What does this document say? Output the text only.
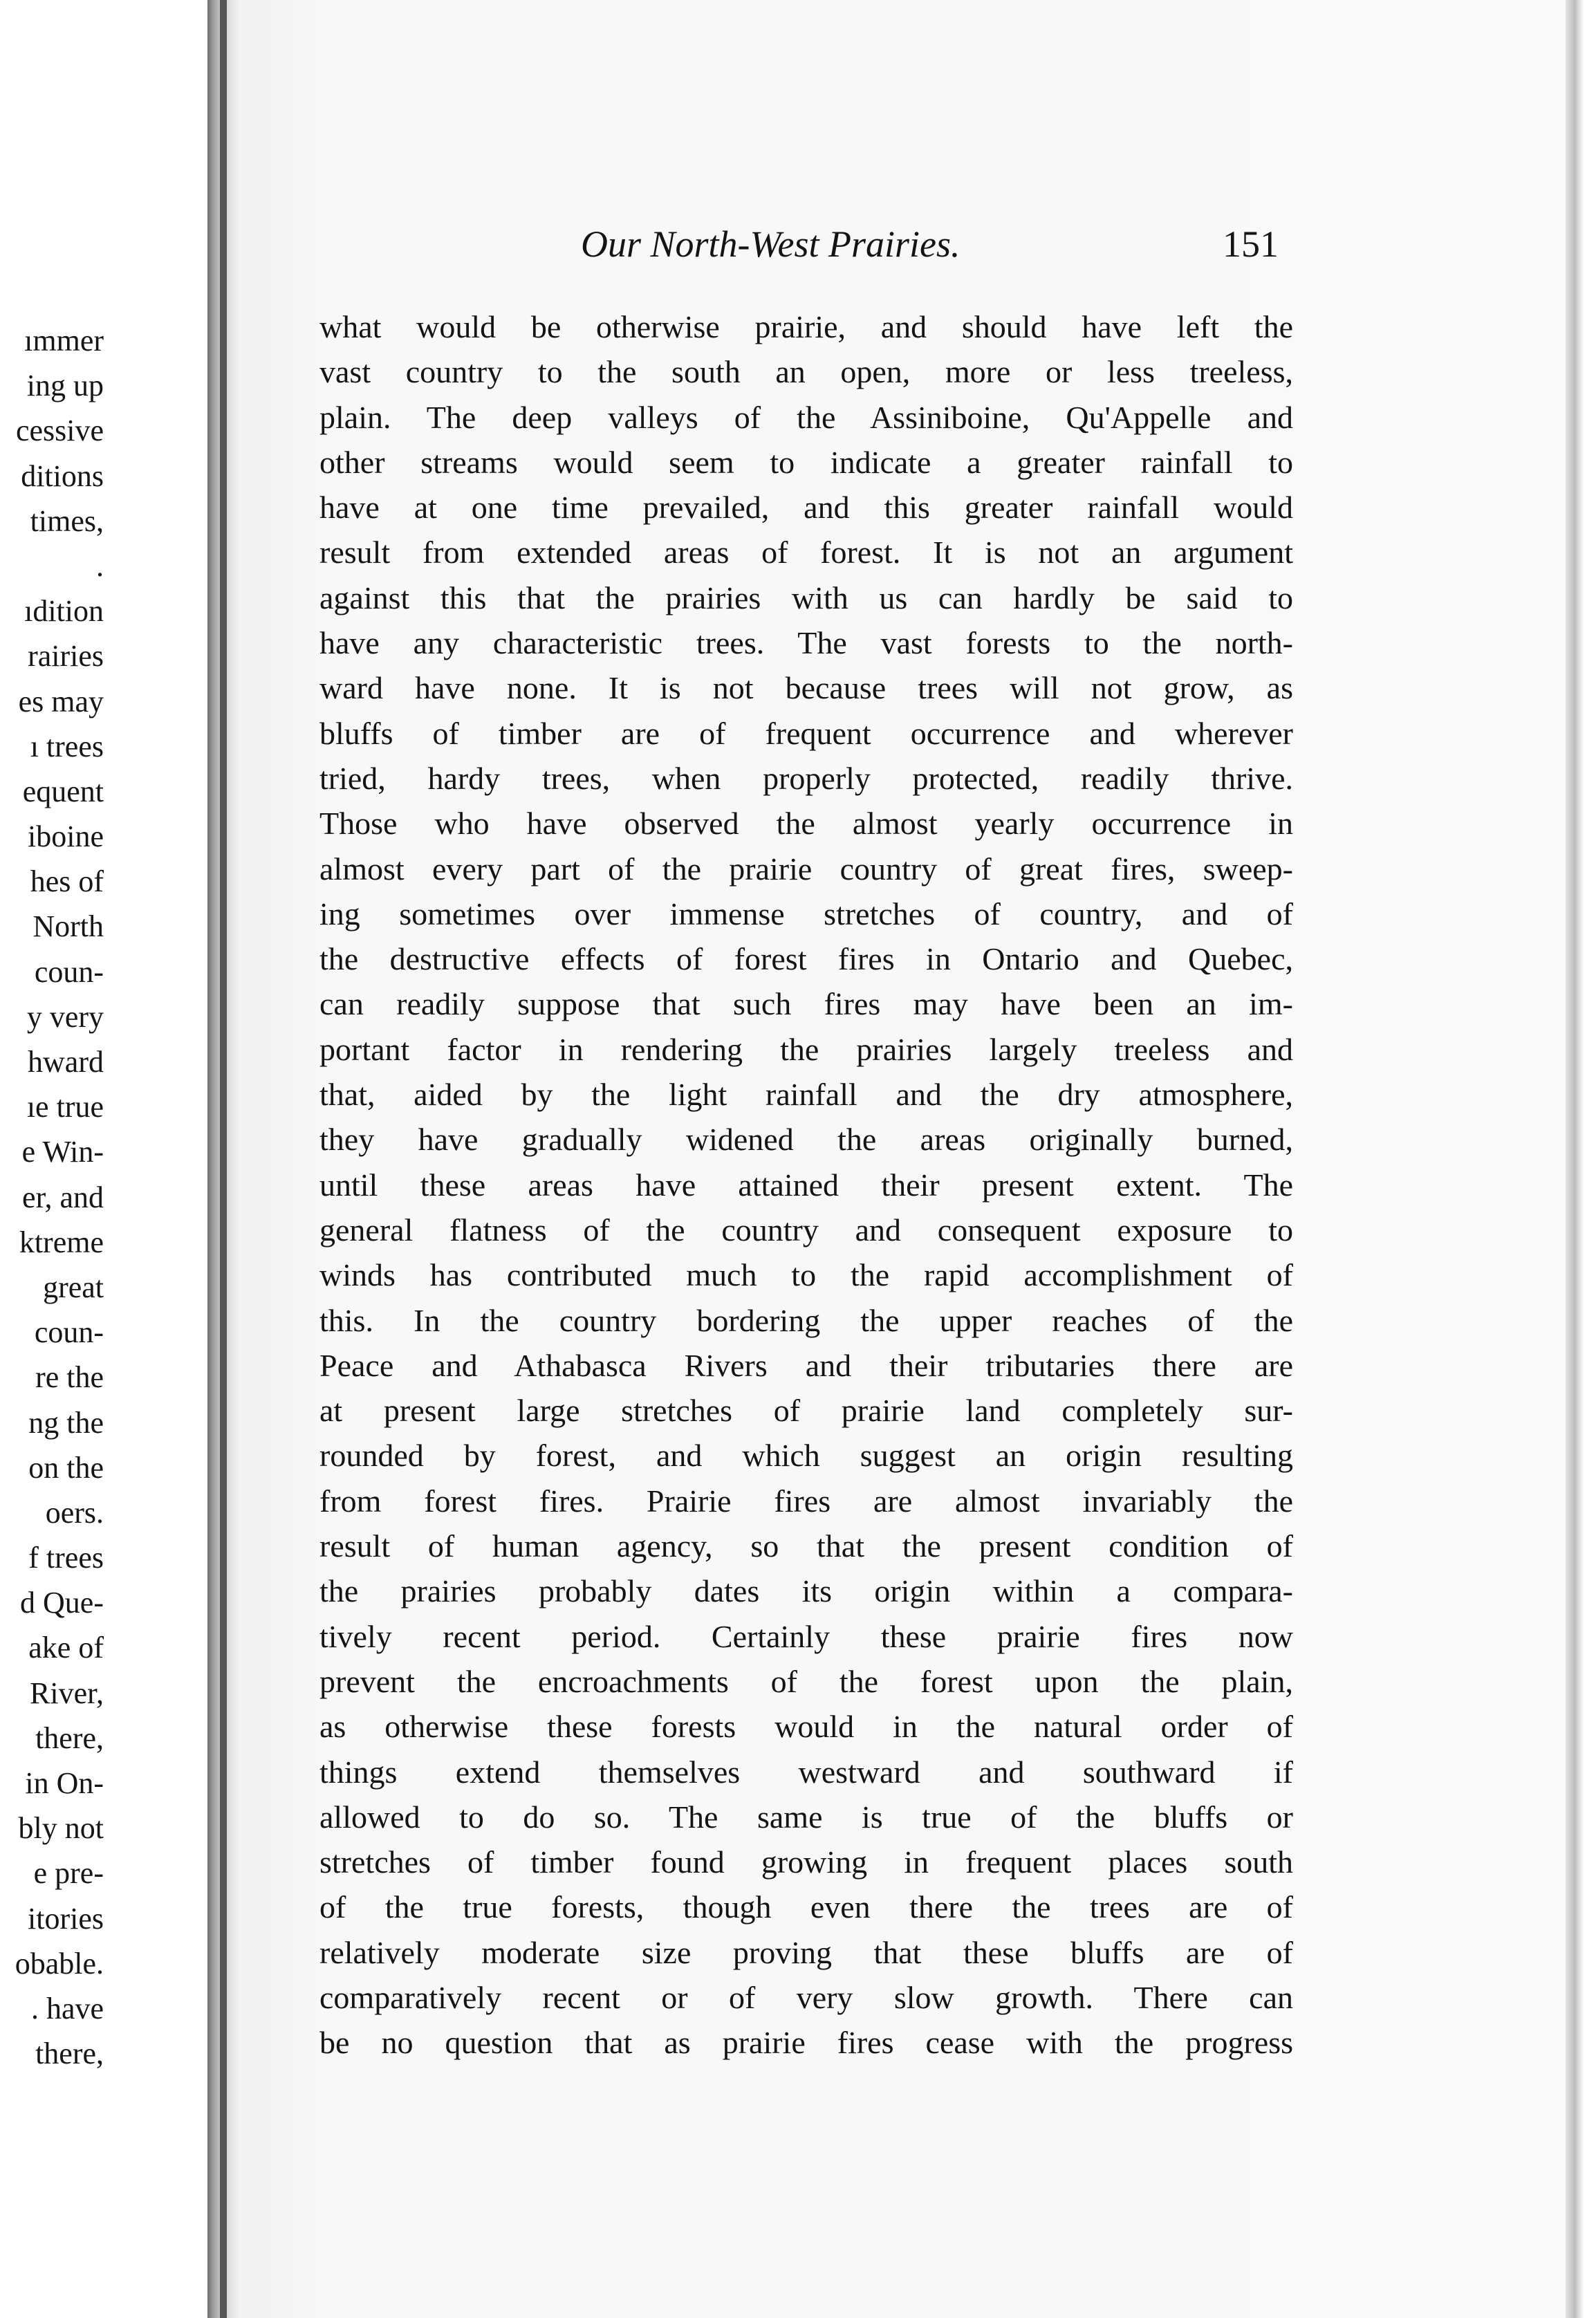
ımmer
ing up
cessive
ditions
times,
.
ıdition
rairies
es may
ı trees
equent
iboine
hes of
North
coun-
y very
hward
ıe true
e Win-
er, and
ktreme
great
coun-
re the
ng the
on the
oers.
f trees
d Que-
ake of
River,
there,
in On-
bly not
e pre-
itories
obable.
. have
there,
Our North-West Prairies.	151
what would be otherwise prairie, and should have left the
vast country to the south an open, more or less treeless,
plain. The deep valleys of the Assiniboine, Qu'Appelle and
other streams would seem to indicate a greater rainfall to
have at one time prevailed, and this greater rainfall would
result from extended areas of forest. It is not an argument
against this that the prairies with us can hardly be said to
have any characteristic trees. The vast forests to the north-
ward have none. It is not because trees will not grow, as
bluffs of timber are of frequent occurrence and wherever
tried, hardy trees, when properly protected, readily thrive.
Those who have observed the almost yearly occurrence in
almost every part of the prairie country of great fires, sweep-
ing sometimes over immense stretches of country, and of
the destructive effects of forest fires in Ontario and Quebec,
can readily suppose that such fires may have been an im-
portant factor in rendering the prairies largely treeless and
that, aided by the light rainfall and the dry atmosphere,
they have gradually widened the areas originally burned,
until these areas have attained their present extent. The
general flatness of the country and consequent exposure to
winds has contributed much to the rapid accomplishment of
this. In the country bordering the upper reaches of the
Peace and Athabasca Rivers and their tributaries there are
at present large stretches of prairie land completely sur-
rounded by forest, and which suggest an origin resulting
from forest fires. Prairie fires are almost invariably the
result of human agency, so that the present condition of
the prairies probably dates its origin within a compara-
tively recent period. Certainly these prairie fires now
prevent the encroachments of the forest upon the plain,
as otherwise these forests would in the natural order of
things extend themselves westward and southward if
allowed to do so. The same is true of the bluffs or
stretches of timber found growing in frequent places south
of the true forests, though even there the trees are of
relatively moderate size proving that these bluffs are of
comparatively recent or of very slow growth. There can
be no question that as prairie fires cease with the progress
